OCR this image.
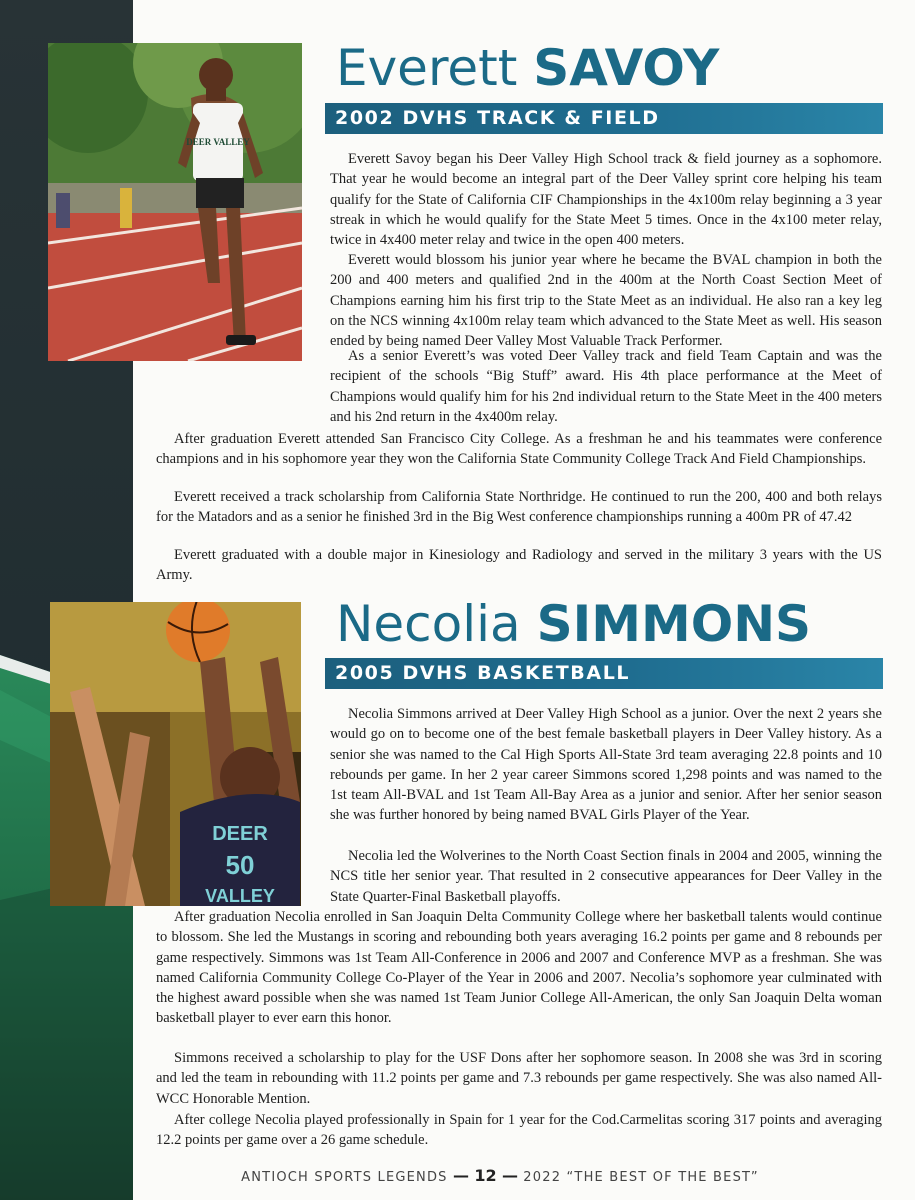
DEER VALLEY
Everett SAVOY
2002 DVHS TRACK & FIELD

Everett Savoy began his Deer Valley High School track & field journey as a sophomore. That year he would become an integral part of the Deer Valley sprint core helping his team qualify for the State of California CIF Championships in the 4x100m relay beginning a 3 year streak in which he would qualify for the State Meet 5 times. Once in the 4x100 meter relay, twice in 4x400 meter relay and twice in the open 400 meters.

Everett would blossom his junior year where he became the BVAL champion in both the 200 and 400 meters and qualified 2nd in the 400m at the North Coast Section Meet of Champions earning him his first trip to the State Meet as an individual. He also ran a key leg on the NCS winning 4x100m relay team which advanced to the State Meet as well. His season ended by being named Deer Valley Most Valuable Track Performer.

As a senior Everett’s was voted Deer Valley track and field Team Captain and was the recipient of the schools “Big Stuff” award. His 4th place performance at the Meet of Champions would qualify him for his 2nd individual return to the State Meet in the 400 meters and his 2nd return in the 4x400m relay.

After graduation Everett attended San Francisco City College. As a freshman he and his teammates were conference champions and in his sophomore year they won the California State Community College Track And Field Championships.

Everett received a track scholarship from California State Northridge. He continued to run the 200, 400 and both relays for the Matadors and as a senior he finished 3rd in the Big West conference championships running a 400m PR of 47.42

Everett graduated with a double major in Kinesiology and Radiology and served in the military 3 years with the US Army.

DEER
50
VALLEY
Necolia SIMMONS
2005 DVHS BASKETBALL

Necolia Simmons arrived at Deer Valley High School as a junior. Over the next 2 years she would go on to become one of the best female basketball players in Deer Valley history. As a senior she was named to the Cal High Sports All-State 3rd team averaging 22.8 points and 10 rebounds per game. In her 2 year career Simmons scored 1,298 points and was named to the 1st team All-BVAL and 1st Team All-Bay Area as a junior and senior. After her senior season she was further honored by being named BVAL Girls Player of the Year.

Necolia led the Wolverines to the North Coast Section finals in 2004 and 2005, winning the NCS title her senior year. That resulted in 2 consecutive appearances for Deer Valley in the State Quarter-Final Basketball playoffs.

After graduation Necolia enrolled in San Joaquin Delta Community College where her basketball talents would continue to blossom. She led the Mustangs in scoring and rebounding both years averaging 16.2 points per game and 8 rebounds per game respectively. Simmons was 1st Team All-Conference in 2006 and 2007 and Conference MVP as a freshman. She was named California Community College Co-Player of the Year in 2006 and 2007. Necolia’s sophomore year culminated with the highest award possible when she was named 1st Team Junior College All-American, the only San Joaquin Delta woman basketball player to ever earn this honor.

Simmons received a scholarship to play for the USF Dons after her sophomore season. In 2008 she was 3rd in scoring and led the team in rebounding with 11.2 points per game and 7.3 rebounds per game respectively. She was also named All-WCC Honorable Mention.

After college Necolia played professionally in Spain for 1 year for the Cod.Carmelitas scoring 317 points and averaging 12.2 points per game over a 26 game schedule.

ANTIOCH SPORTS LEGENDS — 12 — 2022 “THE BEST OF THE BEST”
